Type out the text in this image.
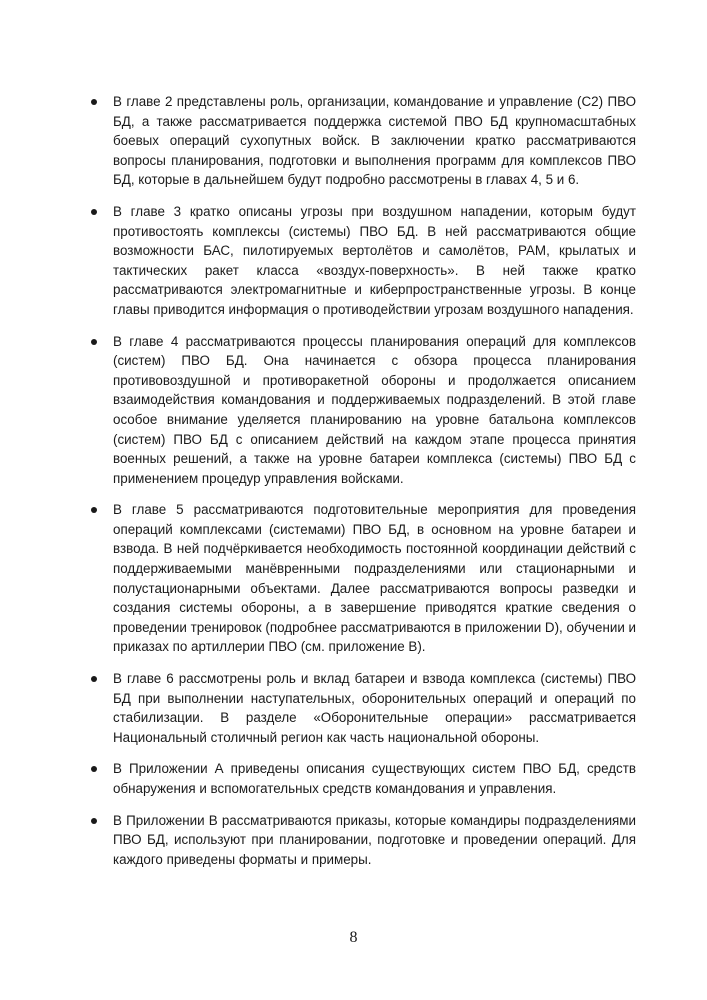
В главе 2 представлены роль, организации, командование и управление (С2) ПВО БД, а также рассматривается поддержка системой ПВО БД крупномасштабных боевых операций сухопутных войск. В заключении кратко рассматриваются вопросы планирования, подготовки и выполнения программ для комплексов ПВО БД, которые в дальнейшем будут подробно рассмотрены в главах 4, 5 и 6.
В главе 3 кратко описаны угрозы при воздушном нападении, которым будут противостоять комплексы (системы) ПВО БД. В ней рассматриваются общие возможности БАС, пилотируемых вертолётов и самолётов, РАМ, крылатых и тактических ракет класса «воздух-поверхность». В ней также кратко рассматриваются электромагнитные и киберпространственные угрозы. В конце главы приводится информация о противодействии угрозам воздушного нападения.
В главе 4 рассматриваются процессы планирования операций для комплексов (систем) ПВО БД. Она начинается с обзора процесса планирования противовоздушной и противоракетной обороны и продолжается описанием взаимодействия командования и поддерживаемых подразделений. В этой главе особое внимание уделяется планированию на уровне батальона комплексов (систем) ПВО БД с описанием действий на каждом этапе процесса принятия военных решений, а также на уровне батареи комплекса (системы) ПВО БД с применением процедур управления войсками.
В главе 5 рассматриваются подготовительные мероприятия для проведения операций комплексами (системами) ПВО БД, в основном на уровне батареи и взвода. В ней подчёркивается необходимость постоянной координации действий с поддерживаемыми манёвренными подразделениями или стационарными и полустационарными объектами. Далее рассматриваются вопросы разведки и создания системы обороны, а в завершение приводятся краткие сведения о проведении тренировок (подробнее рассматриваются в приложении D), обучении и приказах по артиллерии ПВО (см. приложение В).
В главе 6 рассмотрены роль и вклад батареи и взвода комплекса (системы) ПВО БД при выполнении наступательных, оборонительных операций и операций по стабилизации. В разделе «Оборонительные операции» рассматривается Национальный столичный регион как часть национальной обороны.
В Приложении А приведены описания существующих систем ПВО БД, средств обнаружения и вспомогательных средств командования и управления.
В Приложении В рассматриваются приказы, которые командиры подразделениями ПВО БД, используют при планировании, подготовке и проведении операций. Для каждого приведены форматы и примеры.
8
